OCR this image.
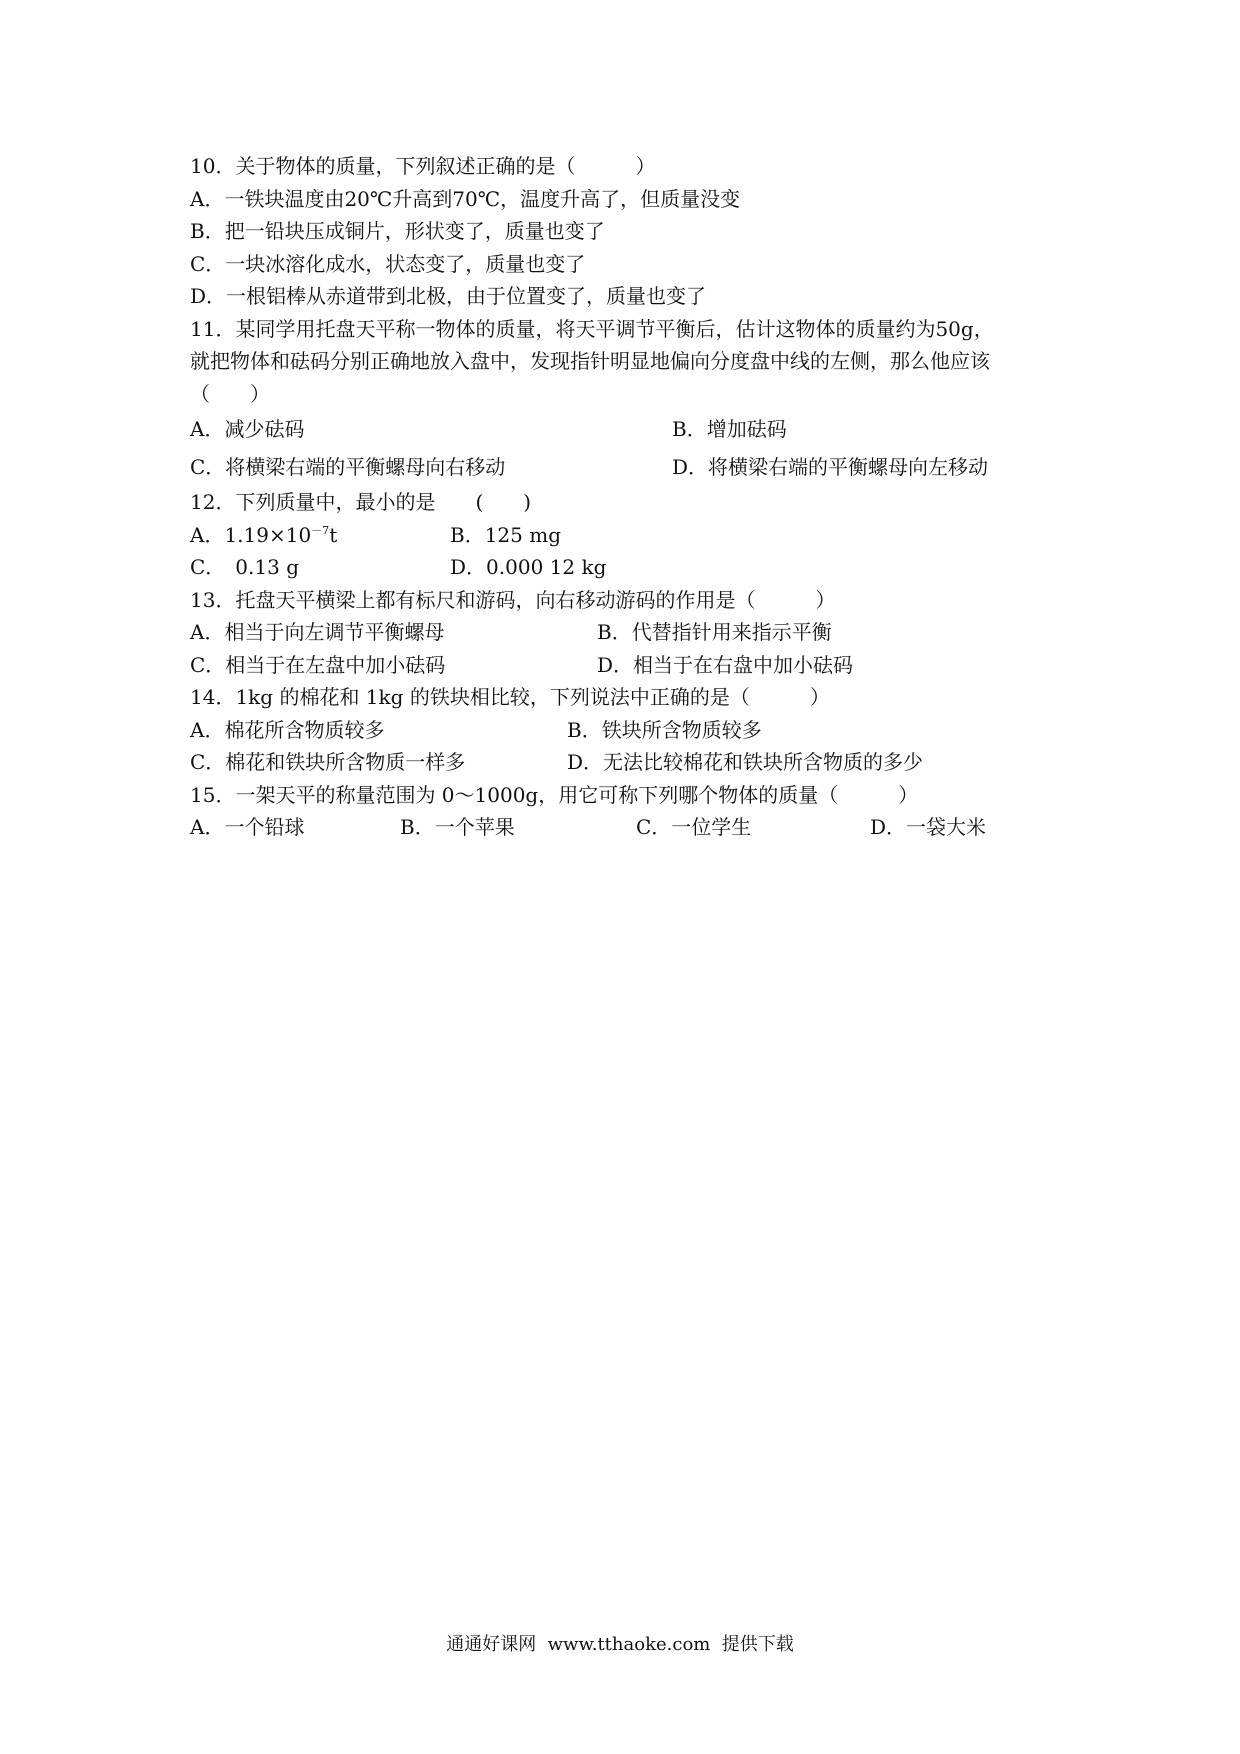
10．关于物体的质量，下列叙述正确的是（　　　）
A．一铁块温度由20℃升高到70℃，温度升高了，但质量没变
B．把一铅块压成铜片，形状变了，质量也变了
C．一块冰溶化成水，状态变了，质量也变了
D．一根铝棒从赤道带到北极，由于位置变了，质量也变了
11．某同学用托盘天平称一物体的质量，将天平调节平衡后，估计这物体的质量约为50g，
就把物体和砝码分别正确地放入盘中，发现指针明显地偏向分度盘中线的左侧，那么他应该
（　　）
A．减少砝码	B．增加砝码
C．将横梁右端的平衡螺母向右移动	D．将横梁右端的平衡螺母向左移动
12．下列质量中，最小的是　　(　　)
A．$1.19\times 10^{-7}t$	B．125 mg
C．　0.13 g	D．0.000 12 kg
13．托盘天平横梁上都有标尺和游码，向右移动游码的作用是（　　　）
A．相当于向左调节平衡螺母	B．代替指针用来指示平衡
C．相当于在左盘中加小砝码	D．相当于在右盘中加小砝码
14．1kg 的棉花和 1kg 的铁块相比较，下列说法中正确的是（　　　）
A．棉花所含物质较多	B．铁块所含物质较多
C．棉花和铁块所含物质一样多	D．无法比较棉花和铁块所含物质的多少
15．一架天平的称量范围为 0～1000g，用它可称下列哪个物体的质量（　　　）
A．一个铅球	B．一个苹果	C．一位学生	D．一袋大米
通通好课网  www.tthaoke.com  提供下载
